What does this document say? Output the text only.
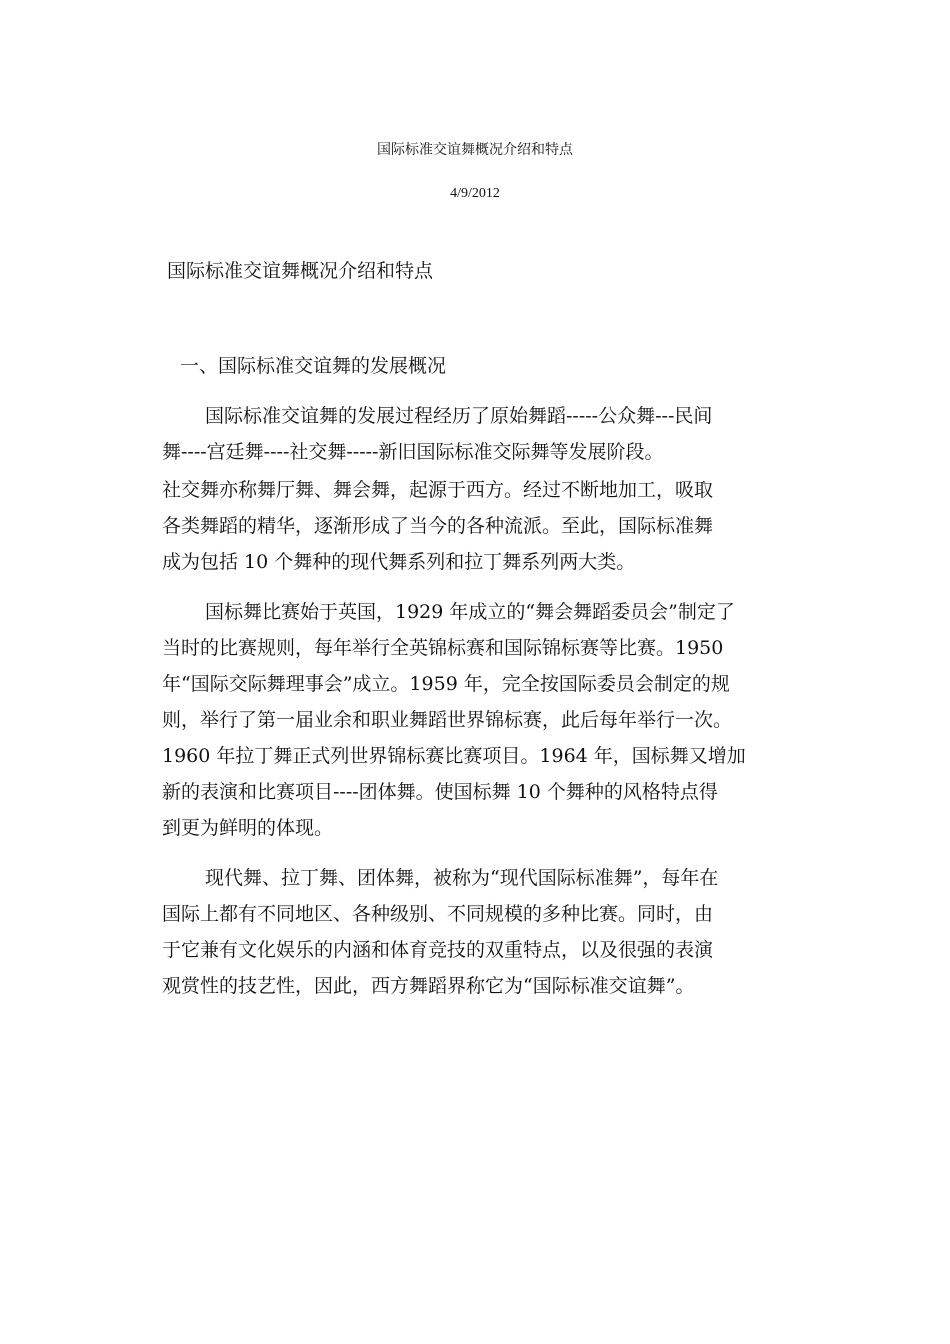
国际标准交谊舞概况介绍和特点
4/9/2012
国际标准交谊舞概况介绍和特点
一、国际标准交谊舞的发展概况

国际标准交谊舞的发展过程经历了原始舞蹈-----公众舞---民间
舞----宫廷舞----社交舞-----新旧国际标准交际舞等发展阶段。

社交舞亦称舞厅舞、舞会舞，起源于西方。经过不断地加工，吸取
各类舞蹈的精华，逐渐形成了当今的各种流派。至此，国际标准舞
成为包括 10 个舞种的现代舞系列和拉丁舞系列两大类。

国标舞比赛始于英国，1929 年成立的“舞会舞蹈委员会”制定了
当时的比赛规则，每年举行全英锦标赛和国际锦标赛等比赛。1950
年“国际交际舞理事会”成立。1959 年，完全按国际委员会制定的规
则，举行了第一届业余和职业舞蹈世界锦标赛，此后每年举行一次。
1960 年拉丁舞正式列世界锦标赛比赛项目。1964 年，国标舞又增加
新的表演和比赛项目----团体舞。使国标舞 10 个舞种的风格特点得
到更为鲜明的体现。

现代舞、拉丁舞、团体舞，被称为“现代国际标准舞”，每年在
国际上都有不同地区、各种级别、不同规模的多种比赛。同时，由
于它兼有文化娱乐的内涵和体育竞技的双重特点，以及很强的表演
观赏性的技艺性，因此，西方舞蹈界称它为“国际标准交谊舞”。
